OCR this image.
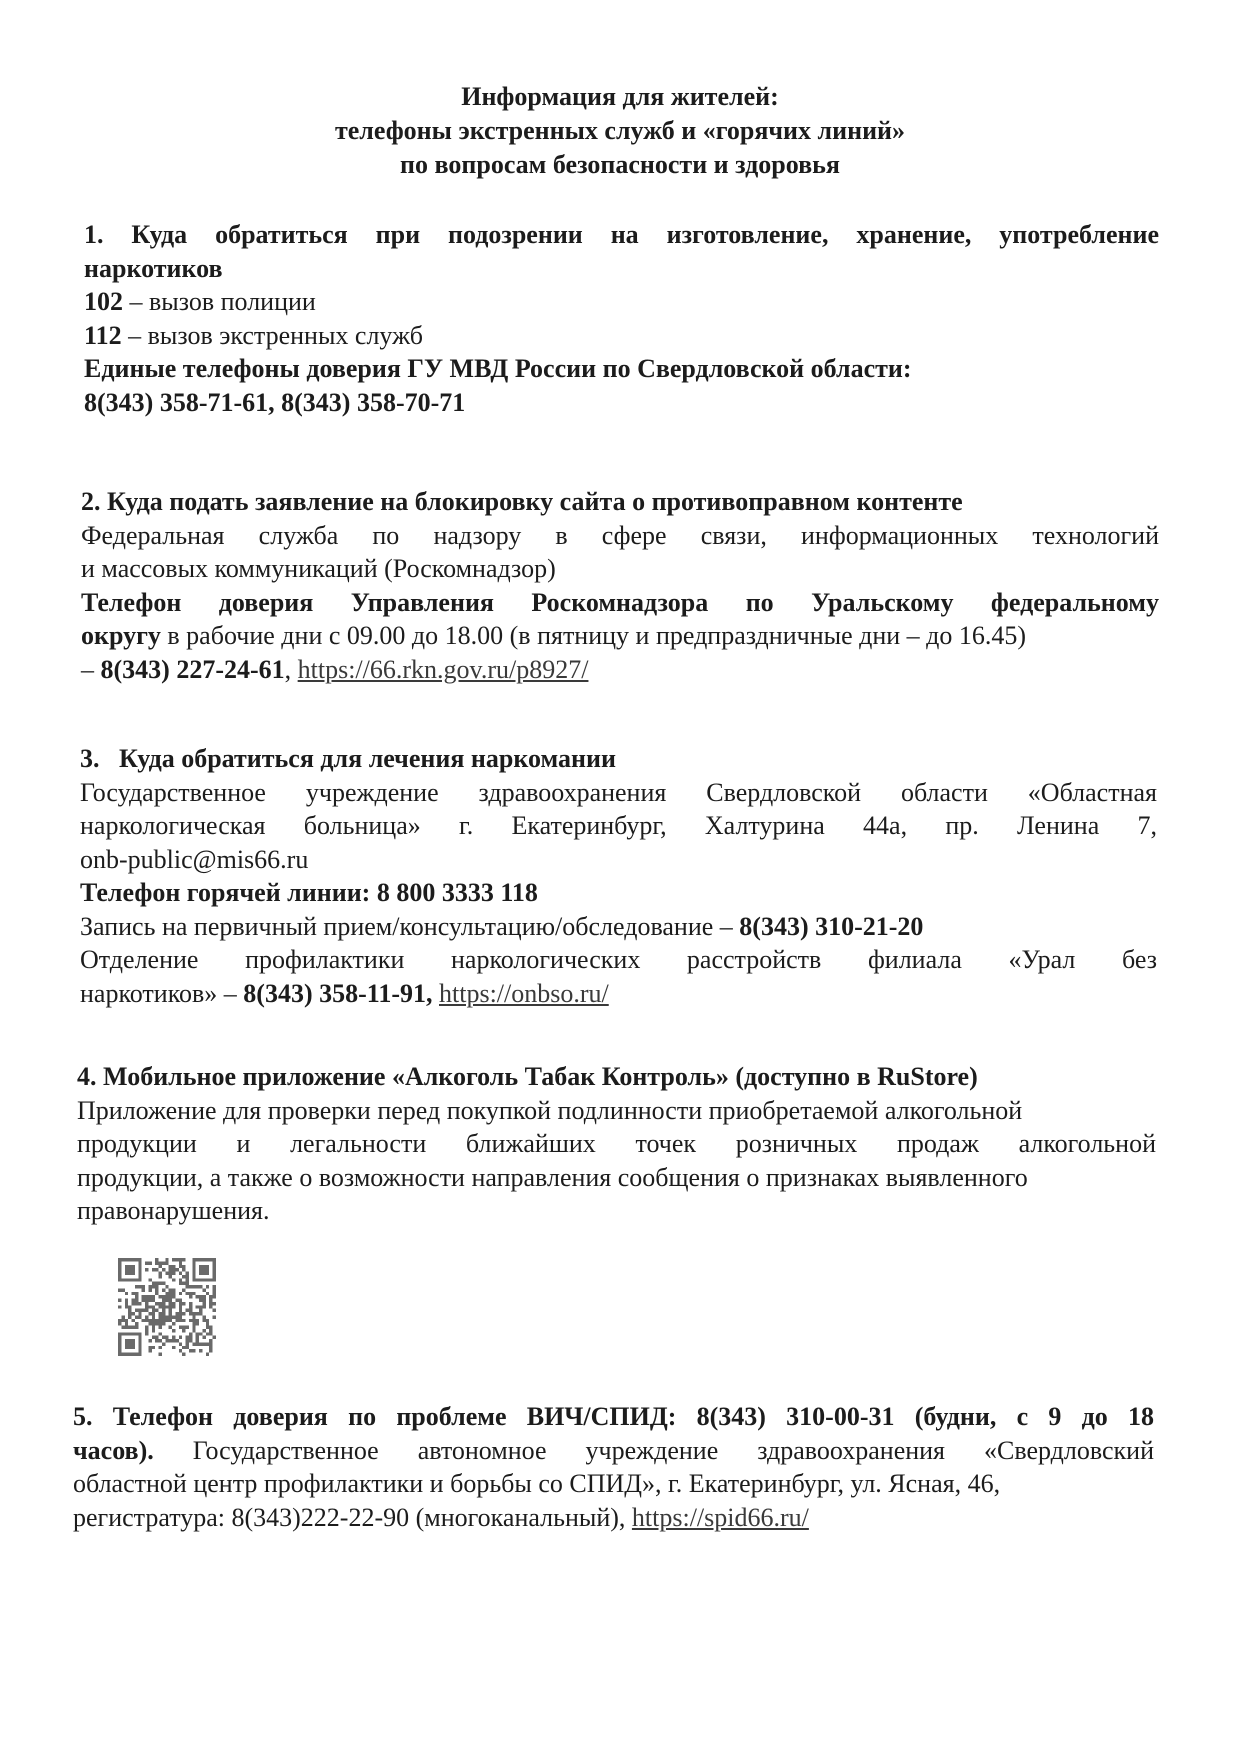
Информация для жителей:
телефоны экстренных служб и «горячих линий»
по вопросам безопасности и здоровья
1. Куда обратиться при подозрении на изготовление, хранение, употребление
наркотиков
102 – вызов полиции
112 – вызов экстренных служб
Единые телефоны доверия ГУ МВД России по Свердловской области:
8(343) 358-71-61, 8(343) 358-70-71
2. Куда подать заявление на блокировку сайта о противоправном контенте
Федеральная служба по надзору в сфере связи, информационных технологий
и массовых коммуникаций (Роскомнадзор)
Телефон доверия Управления Роскомнадзора по Уральскому федеральному
округу в рабочие дни с 09.00 до 18.00 (в пятницу и предпраздничные дни – до 16.45)
– 8(343) 227-24-61, https://66.rkn.gov.ru/p8927/
3.   Куда обратиться для лечения наркомании
Государственное учреждение здравоохранения Свердловской области «Областная
наркологическая больница» г. Екатеринбург, Халтурина 44а, пр. Ленина 7,
onb-public@mis66.ru
Телефон горячей линии: 8 800 3333 118
Запись на первичный прием/консультацию/обследование – 8(343) 310-21-20
Отделение профилактики наркологических расстройств филиала «Урал без
наркотиков» – 8(343) 358-11-91, https://onbso.ru/
4. Мобильное приложение «Алкоголь Табак Контроль» (доступно в RuStore)
Приложение для проверки перед покупкой подлинности приобретаемой алкогольной
продукции и легальности ближайших точек розничных продаж алкогольной
продукции, а также о возможности направления сообщения о признаках выявленного
правонарушения.
5. Телефон доверия по проблеме ВИЧ/СПИД: 8(343) 310-00-31 (будни, с 9 до 18
часов). Государственное автономное учреждение здравоохранения «Свердловский
областной центр профилактики и борьбы со СПИД», г. Екатеринбург, ул. Ясная, 46,
регистратура: 8(343)222-22-90 (многоканальный), https://spid66.ru/
